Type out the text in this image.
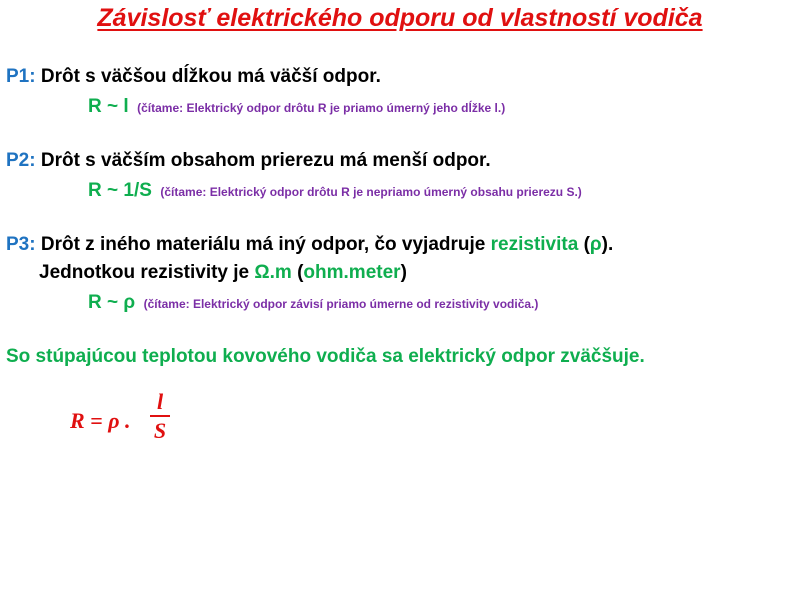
Závislosť elektrického odporu od vlastností vodiča
P1: Drôt s väčšou dĺžkou má väčší odpor.
R ~ l (čítame: Elektrický odpor drôtu R je priamo úmerný jeho dĺžke l.)
P2: Drôt s väčším obsahom prierezu má menší odpor.
R ~ 1/S (čítame: Elektrický odpor drôtu R je nepriamo úmerný obsahu prierezu S.)
P3: Drôt z iného materiálu má iný odpor, čo vyjadruje rezistivita (ρ).
Jednotkou rezistivity je Ω.m (ohm.meter)
R ~ ρ (čítame: Elektrický odpor závisí priamo úmerne od rezistivity vodiča.)
So stúpajúcou teplotou kovového vodiča sa elektrický odpor zväčšuje.
R = ρ .
l
S
